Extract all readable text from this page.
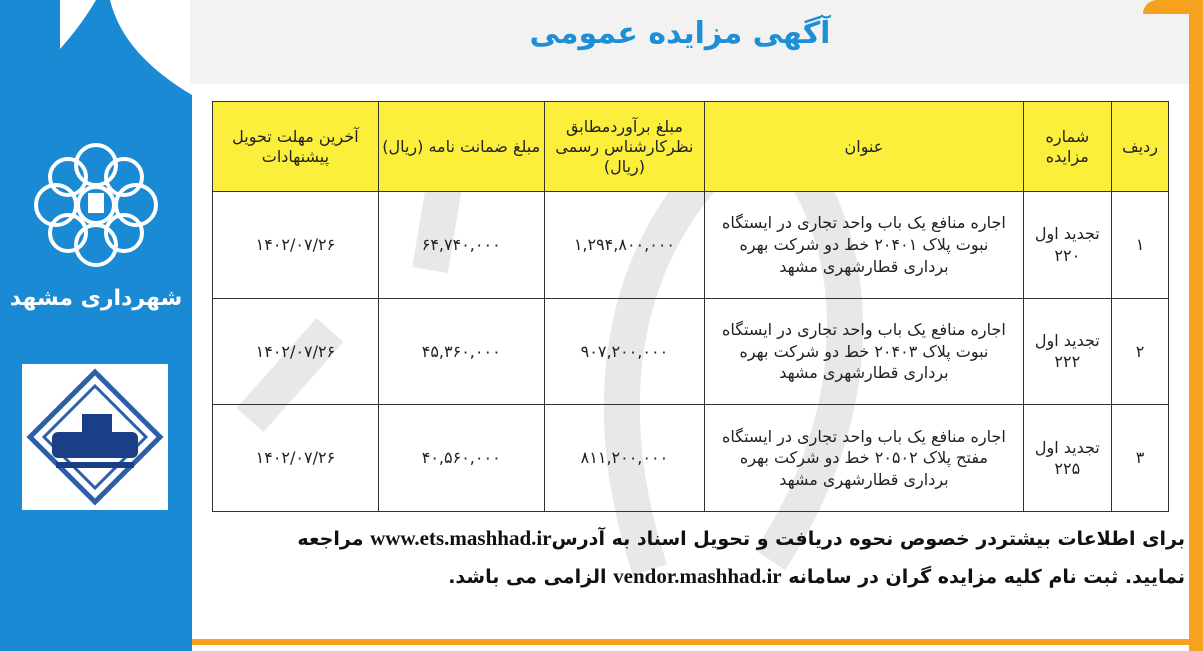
شهرداری مشهد
آگهی مزایده عمومی
ردیف	شماره مزایده	عنوان	مبلغ برآوردمطابق نظرکارشناس رسمی (ریال)	مبلغ ضمانت نامه (ریال)	آخرین مهلت تحویل پیشنهادات
۱	تجدید اول ۲۲۰	اجاره منافع یک باب واحد تجاری در ایستگاه نبوت پلاک ۲۰۴۰۱ خط دو شرکت بهره برداری قطارشهری مشهد	۱,۲۹۴,۸۰۰,۰۰۰	۶۴,۷۴۰,۰۰۰	۱۴۰۲/۰۷/۲۶
۲	تجدید اول ۲۲۲	اجاره منافع یک باب واحد تجاری در ایستگاه نبوت پلاک ۲۰۴۰۳ خط دو شرکت بهره برداری قطارشهری مشهد	۹۰۷,۲۰۰,۰۰۰	۴۵,۳۶۰,۰۰۰	۱۴۰۲/۰۷/۲۶
۳	تجدید اول ۲۲۵	اجاره منافع یک باب واحد تجاری در ایستگاه مفتح پلاک ۲۰۵۰۲ خط دو شرکت بهره برداری قطارشهری مشهد	۸۱۱,۲۰۰,۰۰۰	۴۰,۵۶۰,۰۰۰	۱۴۰۲/۰۷/۲۶
برای اطلاعات بیشتردر خصوص نحوه دریافت و تحویل اسناد به آدرسwww.ets.mashhad.ir مراجعه
نمایید. ثبت نام کلیه مزایده گران در سامانه vendor.mashhad.ir الزامی می باشد.
